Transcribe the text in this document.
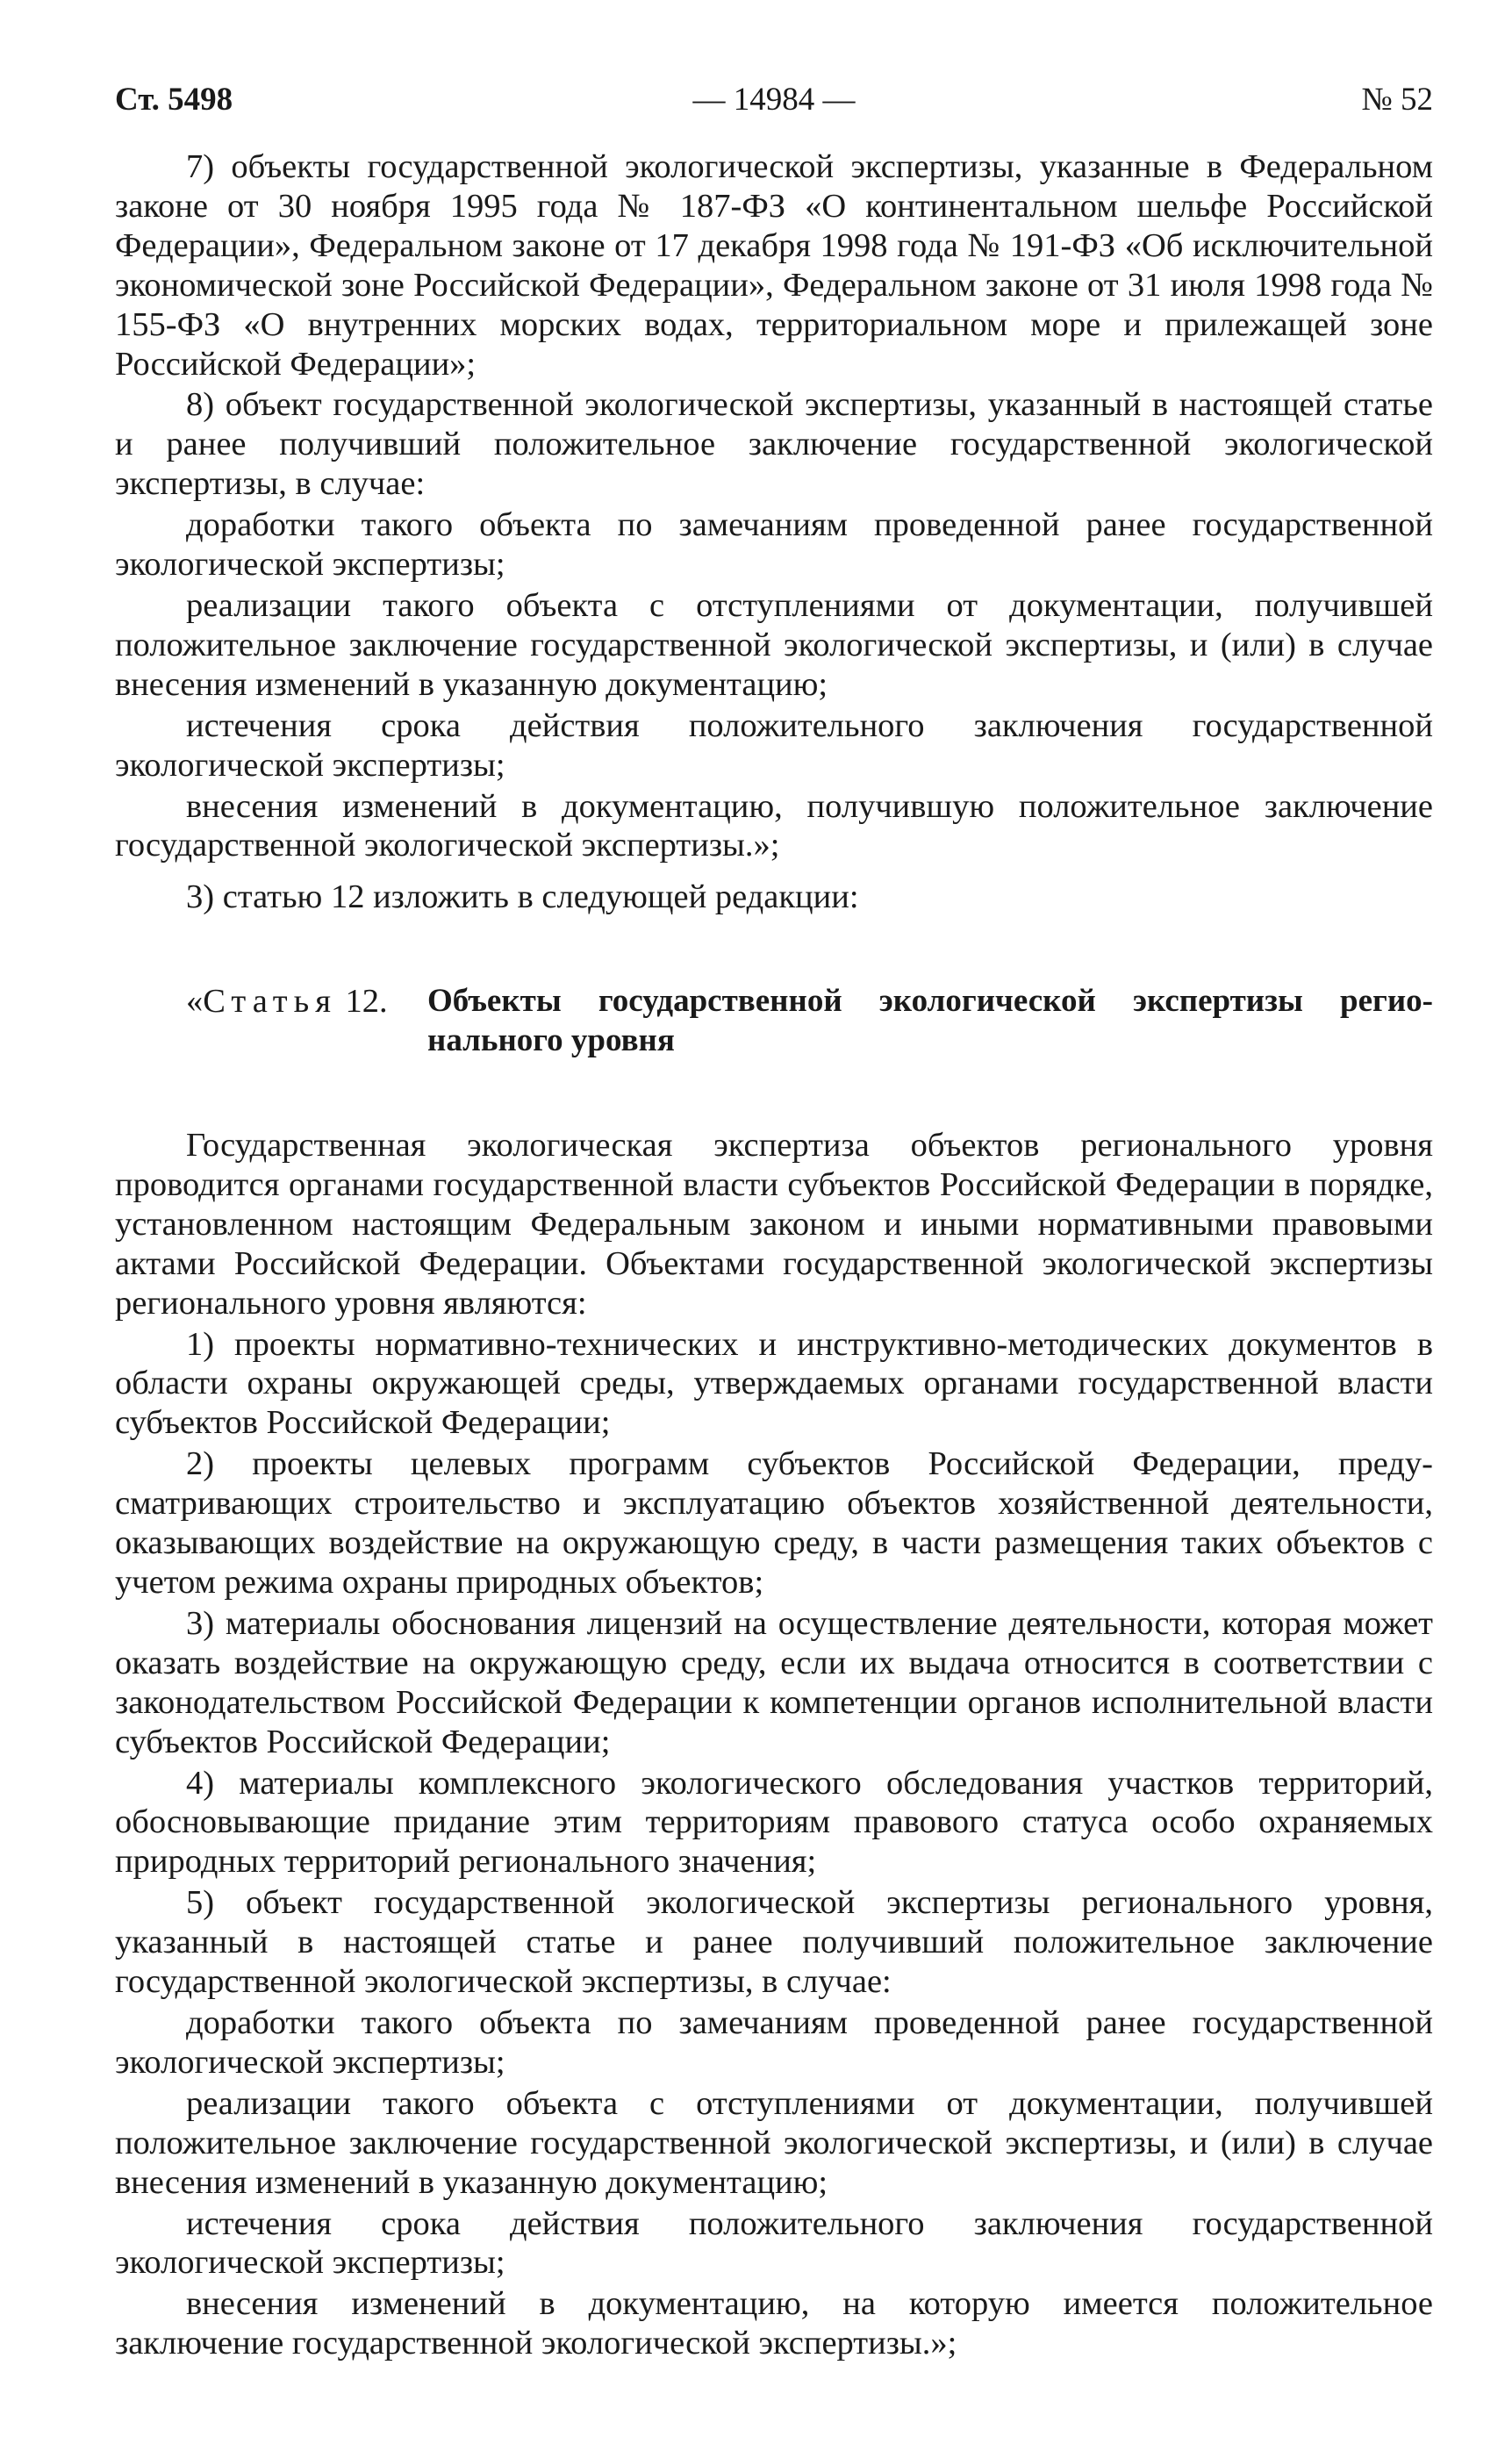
Ст. 5498	— 14984 —	№ 52

7) объекты государственной экологической экспертизы, указанные в Федеральном законе от 30 ноября 1995 года № 187-ФЗ «О континентальном шельфе Российской Федерации», Федеральном законе от 17 декабря 1998 года № 191-ФЗ «Об исключительной экономической зоне Российской Федерации», Федеральном законе от 31 июля 1998 года № 155-ФЗ «О внутренних морских водах, территориальном море и прилежащей зоне Российской Федерации»;

8) объект государственной экологической экспертизы, указанный в настоящей статье и ранее получивший положительное заключение государственной экологической экспертизы, в случае:

доработки такого объекта по замечаниям проведенной ранее государственной экологической экспертизы;

реализации такого объекта с отступлениями от документации, получившей положительное заключение государственной экологической экспертизы, и (или) в случае внесения изменений в указанную документацию;

истечения срока действия положительного заключения государственной экологической экспертизы;

внесения изменений в документацию, получившую положительное заключение государственной экологической экспертизы.»;

3) статью 12 изложить в следующей редакции:

«Статья 12. Объекты государственной экологической экспертизы регионального уровня

Государственная экологическая экспертиза объектов регионального уровня проводится органами государственной власти субъектов Российской Федерации в порядке, установленном настоящим Федеральным законом и иными нормативными правовыми актами Российской Федерации. Объектами государственной экологической экспертизы регионального уровня являются:

1) проекты нормативно-технических и инструктивно-методических документов в области охраны окружающей среды, утверждаемых органами государственной власти субъектов Российской Федерации;

2) проекты целевых программ субъектов Российской Федерации, предусматривающих строительство и эксплуатацию объектов хозяйственной деятельности, оказывающих воздействие на окружающую среду, в части размещения таких объектов с учетом режима охраны природных объектов;

3) материалы обоснования лицензий на осуществление деятельности, которая может оказать воздействие на окружающую среду, если их выдача относится в соответствии с законодательством Российской Федерации к компетенции органов исполнительной власти субъектов Российской Федерации;

4) материалы комплексного экологического обследования участков территорий, обосновывающие придание этим территориям правового статуса особо охраняемых природных территорий регионального значения;

5) объект государственной экологической экспертизы регионального уровня, указанный в настоящей статье и ранее получивший положительное заключение государственной экологической экспертизы, в случае:

доработки такого объекта по замечаниям проведенной ранее государственной экологической экспертизы;

реализации такого объекта с отступлениями от документации, получившей положительное заключение государственной экологической экспертизы, и (или) в случае внесения изменений в указанную документацию;

истечения срока действия положительного заключения государственной экологической экспертизы;

внесения изменений в документацию, на которую имеется положительное заключение государственной экологической экспертизы.»;
